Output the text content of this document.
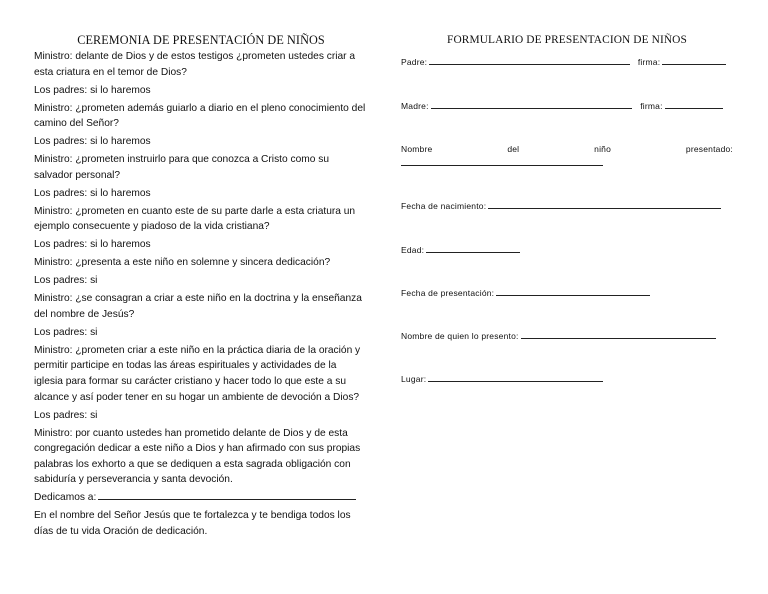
CEREMONIA DE PRESENTACIÓN DE NIÑOS

Ministro: delante de Dios y de estos testigos ¿prometen ustedes criar a esta criatura en el temor de Dios?

Los padres: si lo haremos

Ministro: ¿prometen además guiarlo a diario en el pleno conocimiento del camino del Señor?

Los padres: si lo haremos

Ministro: ¿prometen instruirlo para que conozca a Cristo como su salvador personal?

Los padres: si lo haremos

Ministro: ¿prometen en cuanto este de su parte darle a esta criatura un ejemplo consecuente y piadoso de la vida cristiana?

Los padres: si lo haremos

Ministro: ¿presenta a este niño en solemne y sincera dedicación?

Los padres: si

Ministro: ¿se consagran a criar a este niño en la doctrina y la enseñanza del nombre de Jesús?

Los padres: si

Ministro: ¿prometen criar a este niño en la práctica diaria de la oración y permitir participe en todas las áreas espirituales y actividades de la iglesia para formar su carácter cristiano y hacer todo lo que este a su alcance y así poder tener en su hogar un ambiente de devoción a Dios?

Los padres: si

Ministro: por cuanto ustedes han prometido delante de Dios y de esta congregación dedicar a este niño a Dios y han afirmado con sus propias palabras los exhorto a que se dediquen a esta sagrada obligación con sabiduría y perseverancia y santa devoción.

Dedicamos a:

En el nombre del Señor Jesús que te fortalezca y te bendiga todos los días de tu vida Oración de dedicación.

FORMULARIO DE PRESENTACION DE NIÑOS
Padre:	firma:
Madre:	firma:
Nombre	del	niño	presentado:
Fecha de nacimiento:
Edad:
Fecha de presentación:
Nombre de quien lo presento:
Lugar:
